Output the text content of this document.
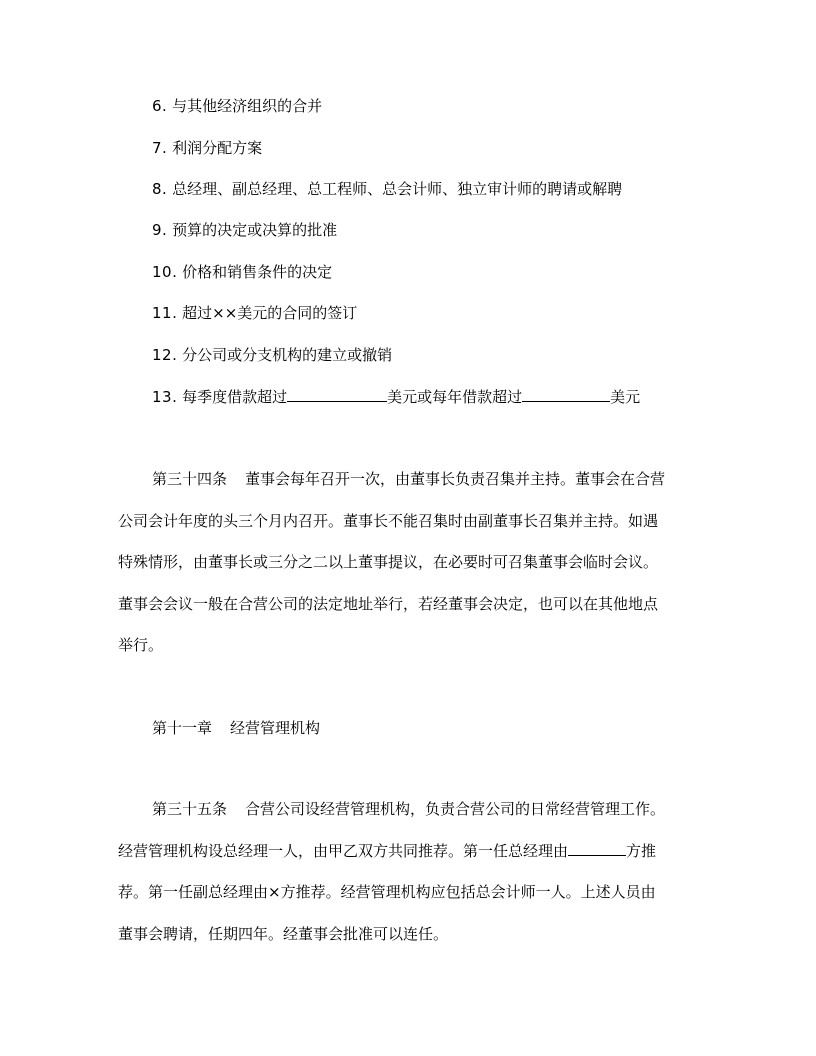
6. 与其他经济组织的合并
7. 利润分配方案
8. 总经理、副总经理、总工程师、总会计师、独立审计师的聘请或解聘
9. 预算的决定或决算的批准
10. 价格和销售条件的决定
11. 超过××美元的合同的签订
12. 分公司或分支机构的建立或撤销
13. 每季度借款超过	美元或每年借款超过	美元
第三十四条 董事会每年召开一次，由董事长负责召集并主持。董事会在合营
公司会计年度的头三个月内召开。董事长不能召集时由副董事长召集并主持。如遇
特殊情形，由董事长或三分之二以上董事提议，在必要时可召集董事会临时会议。
董事会会议一般在合营公司的法定地址举行，若经董事会决定，也可以在其他地点
举行。
第十一章 经营管理机构
第三十五条 合营公司设经营管理机构，负责合营公司的日常经营管理工作。
经营管理机构设总经理一人，由甲乙双方共同推荐。第一任总经理由	方推
荐。第一任副总经理由×方推荐。经营管理机构应包括总会计师一人。上述人员由
董事会聘请，任期四年。经董事会批准可以连任。
